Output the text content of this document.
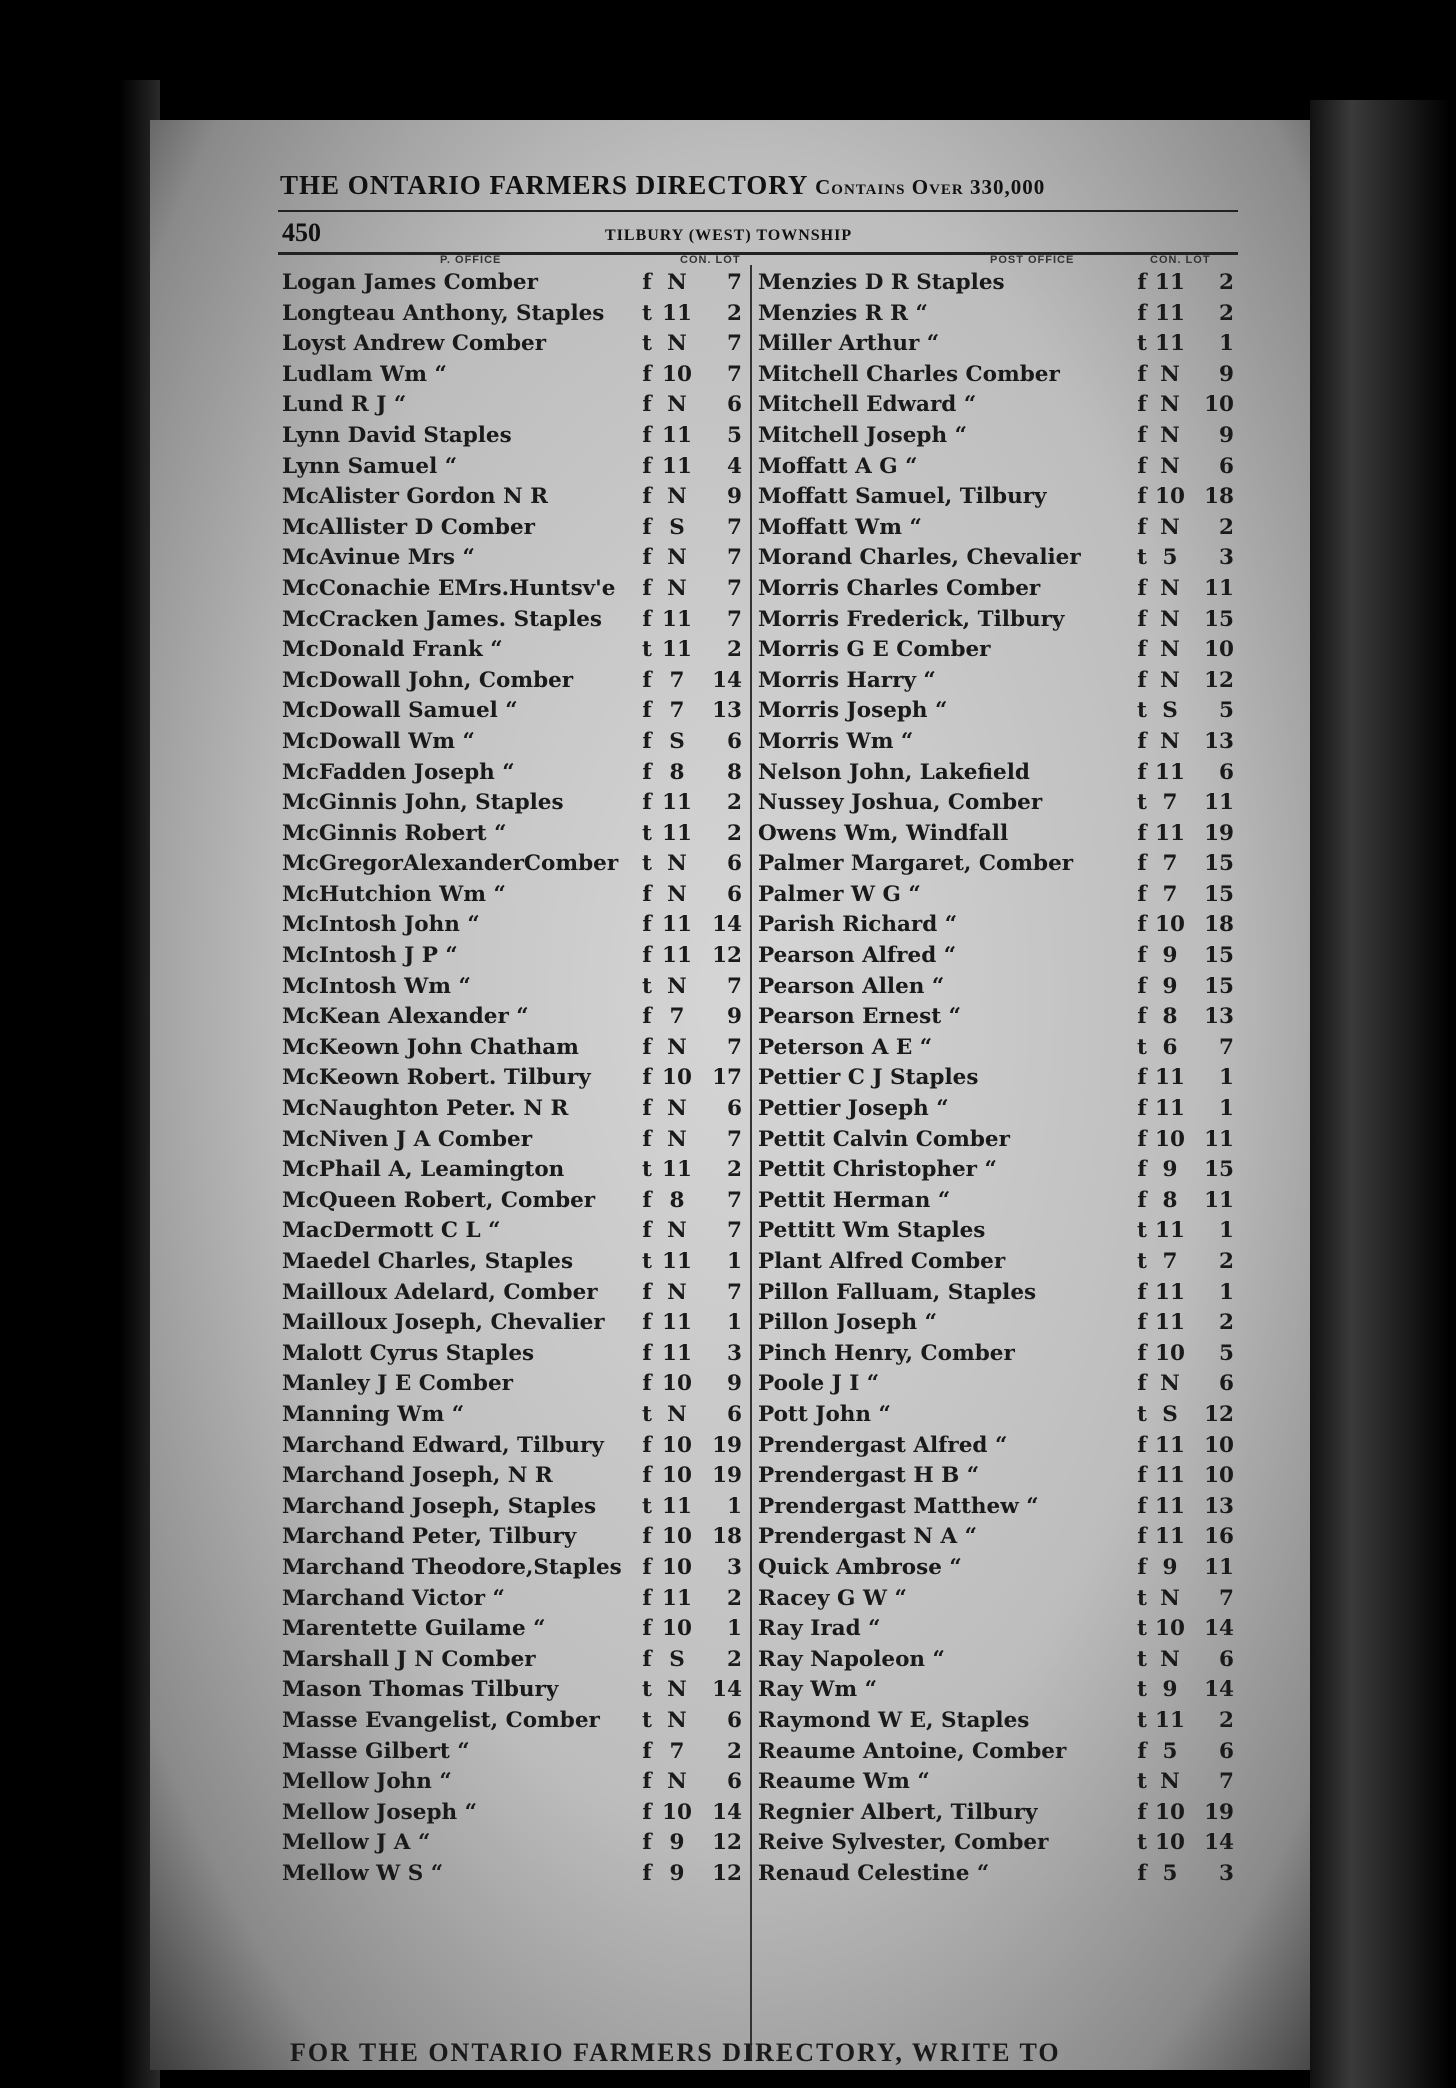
THE ONTARIO FARMERS DIRECTORY Contains Over 330,000
450	TILBURY (WEST) TOWNSHIP
P. OFFICE	CON. LOT	POST OFFICE	CON. LOT
Logan James Comber	f N	7
Longteau Anthony, Staples t 11	2
Loyst Andrew Comber	t N	7
Ludlam Wm “	f 10	7
Lund R J “	f N	6
Lynn David Staples	f 11	5
Lynn Samuel “	f 11	4
McAlister Gordon N R	f N	9
McAllister D Comber	f S	7
McAvinue Mrs “	f N	7
McConachie EMrs.Huntsv'e f N	7
McCracken James. Staples f 11	7
McDonald Frank “	t 11	2
McDowall John, Comber	f 7	14
McDowall Samuel “	f 7	13
McDowall Wm “	f S	6
McFadden Joseph “	f 8	8
McGinnis John, Staples	f 11	2
McGinnis Robert “	t 11	2
McGregorAlexanderComber t N	6
McHutchion Wm “	f N	6
McIntosh John “	f 11 14
McIntosh J P “	f 11 12
McIntosh Wm “	t N	7
McKean Alexander “	f 7	9
McKeown John Chatham	f N	7
McKeown Robert. Tilbury f 10 17
McNaughton Peter. N R	f N	6
McNiven J A Comber	f N	7
McPhail A, Leamington	t 11	2
McQueen Robert, Comber f 8	7
MacDermott C L “	f N	7
Maedel Charles, Staples	t 11	1
Mailloux Adelard, Comber f N	7
Mailloux Joseph, Chevalier f 11	1
Malott Cyrus Staples	f 11	3
Manley J E Comber	f 10	9
Manning Wm “	t N	6
Marchand Edward, Tilbury f 10 19
Marchand Joseph, N R	f 10 19
Marchand Joseph, Staples t 11	1
Marchand Peter, Tilbury	f 10 18
Marchand Theodore,Staples f 10	3
Marchand Victor “	f 11	2
Marentette Guilame “	f 10	1
Marshall J N Comber	f S	2
Mason Thomas Tilbury	t N	14
Masse Evangelist, Comber t N	6
Masse Gilbert “	f 7	2
Mellow John “	f N	6
Mellow Joseph “	f 10 14
Mellow J A “	f 9	12
Mellow W S “	f 9	12
Menzies D R Staples	f 11	2
Menzies R R “	f 11	2
Miller Arthur “	t 11	1
Mitchell Charles Comber	f N	9
Mitchell Edward “	f N	10
Mitchell Joseph “	f N	9
Moffatt A G “	f N	6
Moffatt Samuel, Tilbury	f 10 18
Moffatt Wm “	f N	2
Morand Charles, Chevalier	t 5	3
Morris Charles Comber	f N	11
Morris Frederick, Tilbury	f N	15
Morris G E Comber	f N	10
Morris Harry “	f N	12
Morris Joseph “	t S	5
Morris Wm “	f N	13
Nelson John, Lakefield	f 11	6
Nussey Joshua, Comber	t 7	11
Owens Wm, Windfall	f 11 19
Palmer Margaret, Comber	f 7	15
Palmer W G “	f 7	15
Parish Richard “	f 10 18
Pearson Alfred “	f 9	15
Pearson Allen “	f 9	15
Pearson Ernest “	f 8	13
Peterson A E “	t 6	7
Pettier C J Staples	f 11	1
Pettier Joseph “	f 11	1
Pettit Calvin Comber	f 10 11
Pettit Christopher “	f 9	15
Pettit Herman “	f 8	11
Pettitt Wm Staples	t 11	1
Plant Alfred Comber	t 7	2
Pillon Falluam, Staples	f 11	1
Pillon Joseph “	f 11	2
Pinch Henry, Comber	f 10	5
Poole J I “	f N	6
Pott John “	t S	12
Prendergast Alfred “	f 11 10
Prendergast H B “	f 11 10
Prendergast Matthew “	f 11 13
Prendergast N A “	f 11 16
Quick Ambrose “	f 9	11
Racey G W “	t N	7
Ray Irad “	t 10 14
Ray Napoleon “	t N	6
Ray Wm “	t 9	14
Raymond W E, Staples	t 11	2
Reaume Antoine, Comber	f 5	6
Reaume Wm “	t N	7
Regnier Albert, Tilbury	f 10 19
Reive Sylvester, Comber	t 10 14
Renaud Celestine “	f 5	3
FOR THE ONTARIO FARMERS DIRECTORY, WRITE TO
